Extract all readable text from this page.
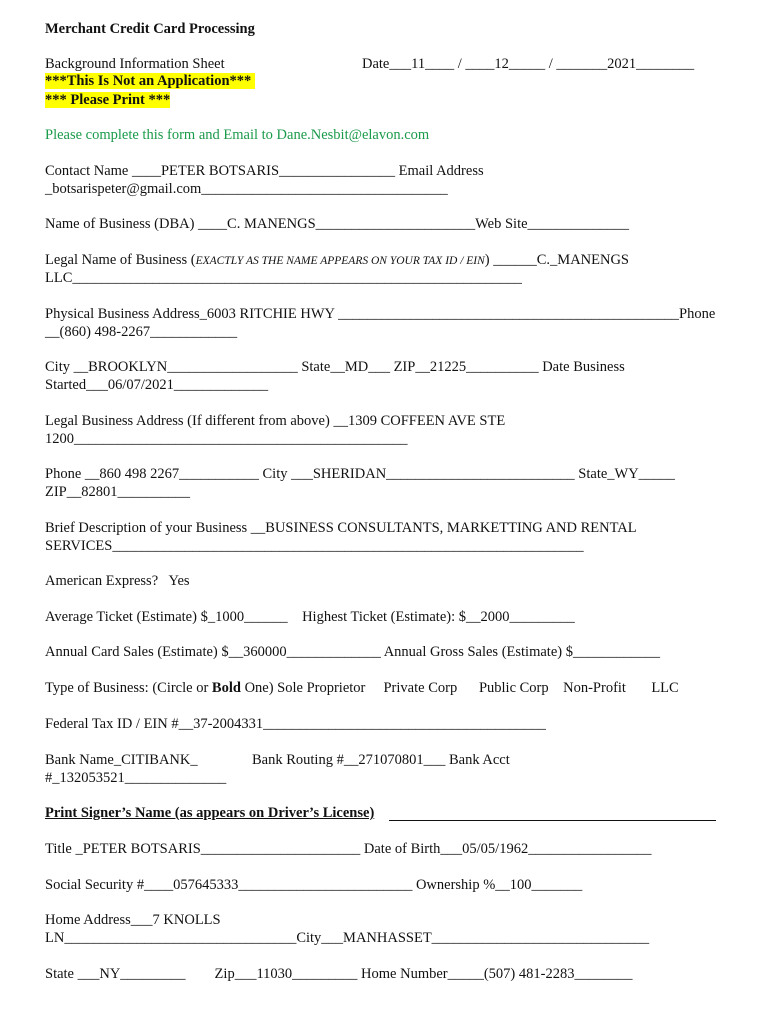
Merchant Credit Card Processing
Background Information Sheet	Date___11____ / ____12_____ / _______2021________
***This Is Not an Application***
*** Please Print ***
Please complete this form and Email to Dane.Nesbit@elavon.com
Contact Name ____PETER BOTSARIS________________ Email Address
_botsarispeter@gmail.com__________________________________
Name of Business (DBA) ____C. MANENGS______________________Web Site______________
Legal Name of Business (EXACTLY AS THE NAME APPEARS ON YOUR TAX ID / EIN) ______C._MANENGS
LLC______________________________________________________________
Physical Business Address_6003 RITCHIE HWY _______________________________________________ Phone
__(860) 498-2267____________
City __BROOKLYN__________________ State__MD___ ZIP__21225__________ Date Business
Started___06/07/2021_____________
Legal Business Address (If different from above) __1309 COFFEEN AVE STE
1200______________________________________________
Phone __860 498 2267___________ City ___SHERIDAN__________________________ State_WY_____
ZIP__82801__________
Brief Description of your Business __BUSINESS CONSULTANTS, MARKETTING AND RENTAL
SERVICES_________________________________________________________________
American Express?   Yes
Average Ticket (Estimate) $_1000______    Highest Ticket (Estimate): $__2000_________
Annual Card Sales (Estimate) $__360000_____________ Annual Gross Sales (Estimate) $____________
Type of Business: (Circle or Bold One) Sole Proprietor     Private Corp      Public Corp    Non-Profit       LLC
Federal Tax ID / EIN #__37-2004331_______________________________________
Bank Name_CITIBANK_               Bank Routing #__271070801___ Bank Acct
#_132053521______________
Print Signer’s Name (as appears on Driver’s License)
Title _PETER BOTSARIS______________________ Date of Birth___05/05/1962_________________
Social Security #____057645333________________________ Ownership %__100_______
Home Address___7 KNOLLS
LN________________________________City___MANHASSET______________________________
State ___NY_________        Zip___11030_________ Home Number_____(507) 481-2283________
